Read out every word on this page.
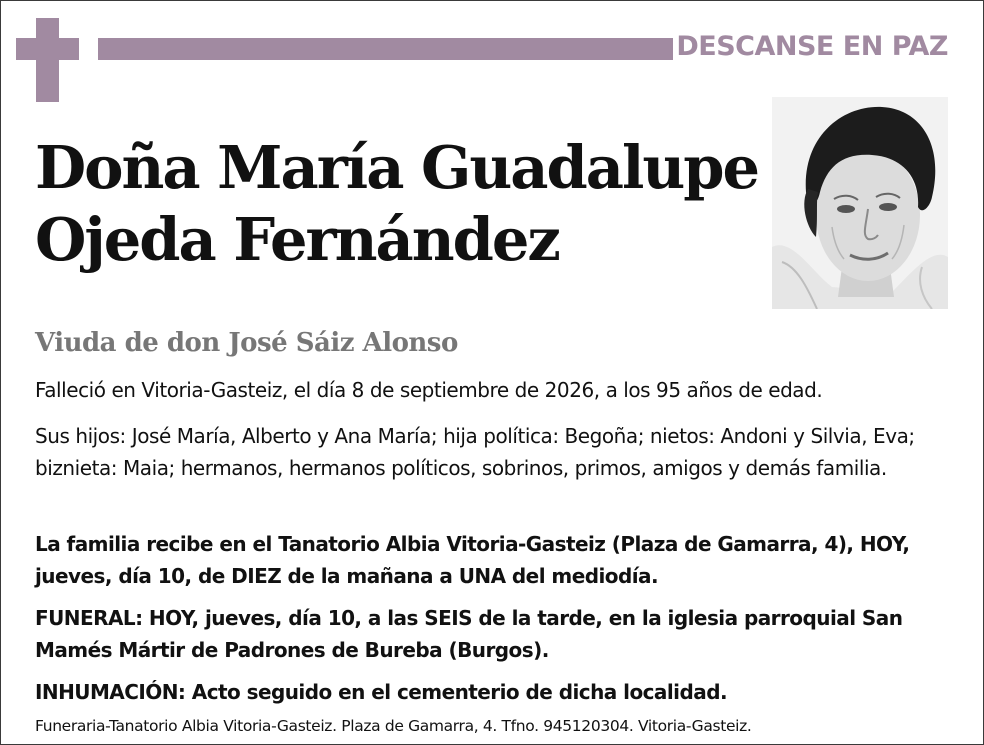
DESCANSE EN PAZ
Doña María Guadalupe
Ojeda Fernández
Viuda de don José Sáiz Alonso
Falleció en Vitoria-Gasteiz, el día 8 de septiembre de 2026, a los 95 años de edad.
Sus hijos: José María, Alberto y Ana María; hija política: Begoña; nietos: Andoni y Silvia, Eva; biznieta: Maia; hermanos, hermanos políticos, sobrinos, primos, amigos y demás familia.
La familia recibe en el Tanatorio Albia Vitoria-Gasteiz (Plaza de Gamarra, 4), HOY, jueves, día 10, de DIEZ de la mañana a UNA del mediodía.
FUNERAL: HOY, jueves, día 10, a las SEIS de la tarde, en la iglesia parroquial San Mamés Mártir de Padrones de Bureba (Burgos).
INHUMACIÓN: Acto seguido en el cementerio de dicha localidad.
Funeraria-Tanatorio Albia Vitoria-Gasteiz. Plaza de Gamarra, 4. Tfno. 945120304. Vitoria-Gasteiz.
